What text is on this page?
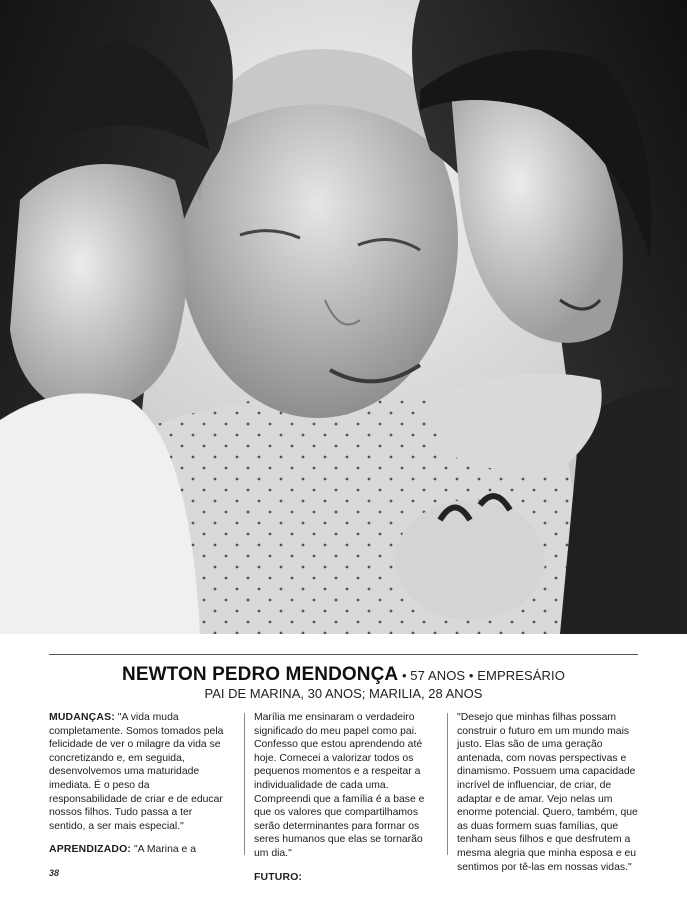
NEWTON PEDRO MENDONÇA • 57 ANOS • EMPRESÁRIO
PAI DE MARINA, 30 ANOS; MARILIA, 28 ANOS

MUDANÇAS: "A vida muda completamente. Somos tomados pela felicidade de ver o milagre da vida se concretizando e, em seguida, desenvolvemos uma maturidade imediata. É o peso da responsabilidade de criar e de educar nossos filhos. Tudo passa a ter sentido, a ser mais especial."

APRENDIZADO: "A Marina e a

Marília me ensinaram o verdadeiro significado do meu papel como pai. Confesso que estou aprendendo até hoje. Comecei a valorizar todos os pequenos momentos e a respeitar a individualidade de cada uma. Compreendi que a família é a base e que os valores que compartilhamos serão determinantes para formar os seres humanos que elas se tornarão um dia."

FUTURO:

"Desejo que minhas filhas possam construir o futuro em um mundo mais justo. Elas são de uma geração antenada, com novas perspectivas e dinamismo. Possuem uma capacidade incrível de influenciar, de criar, de adaptar e de amar. Vejo nelas um enorme potencial. Quero, também, que as duas formem suas famílias, que tenham seus filhos e que desfrutem a mesma alegria que minha esposa e eu sentimos por tê-las em nossas vidas."

38
